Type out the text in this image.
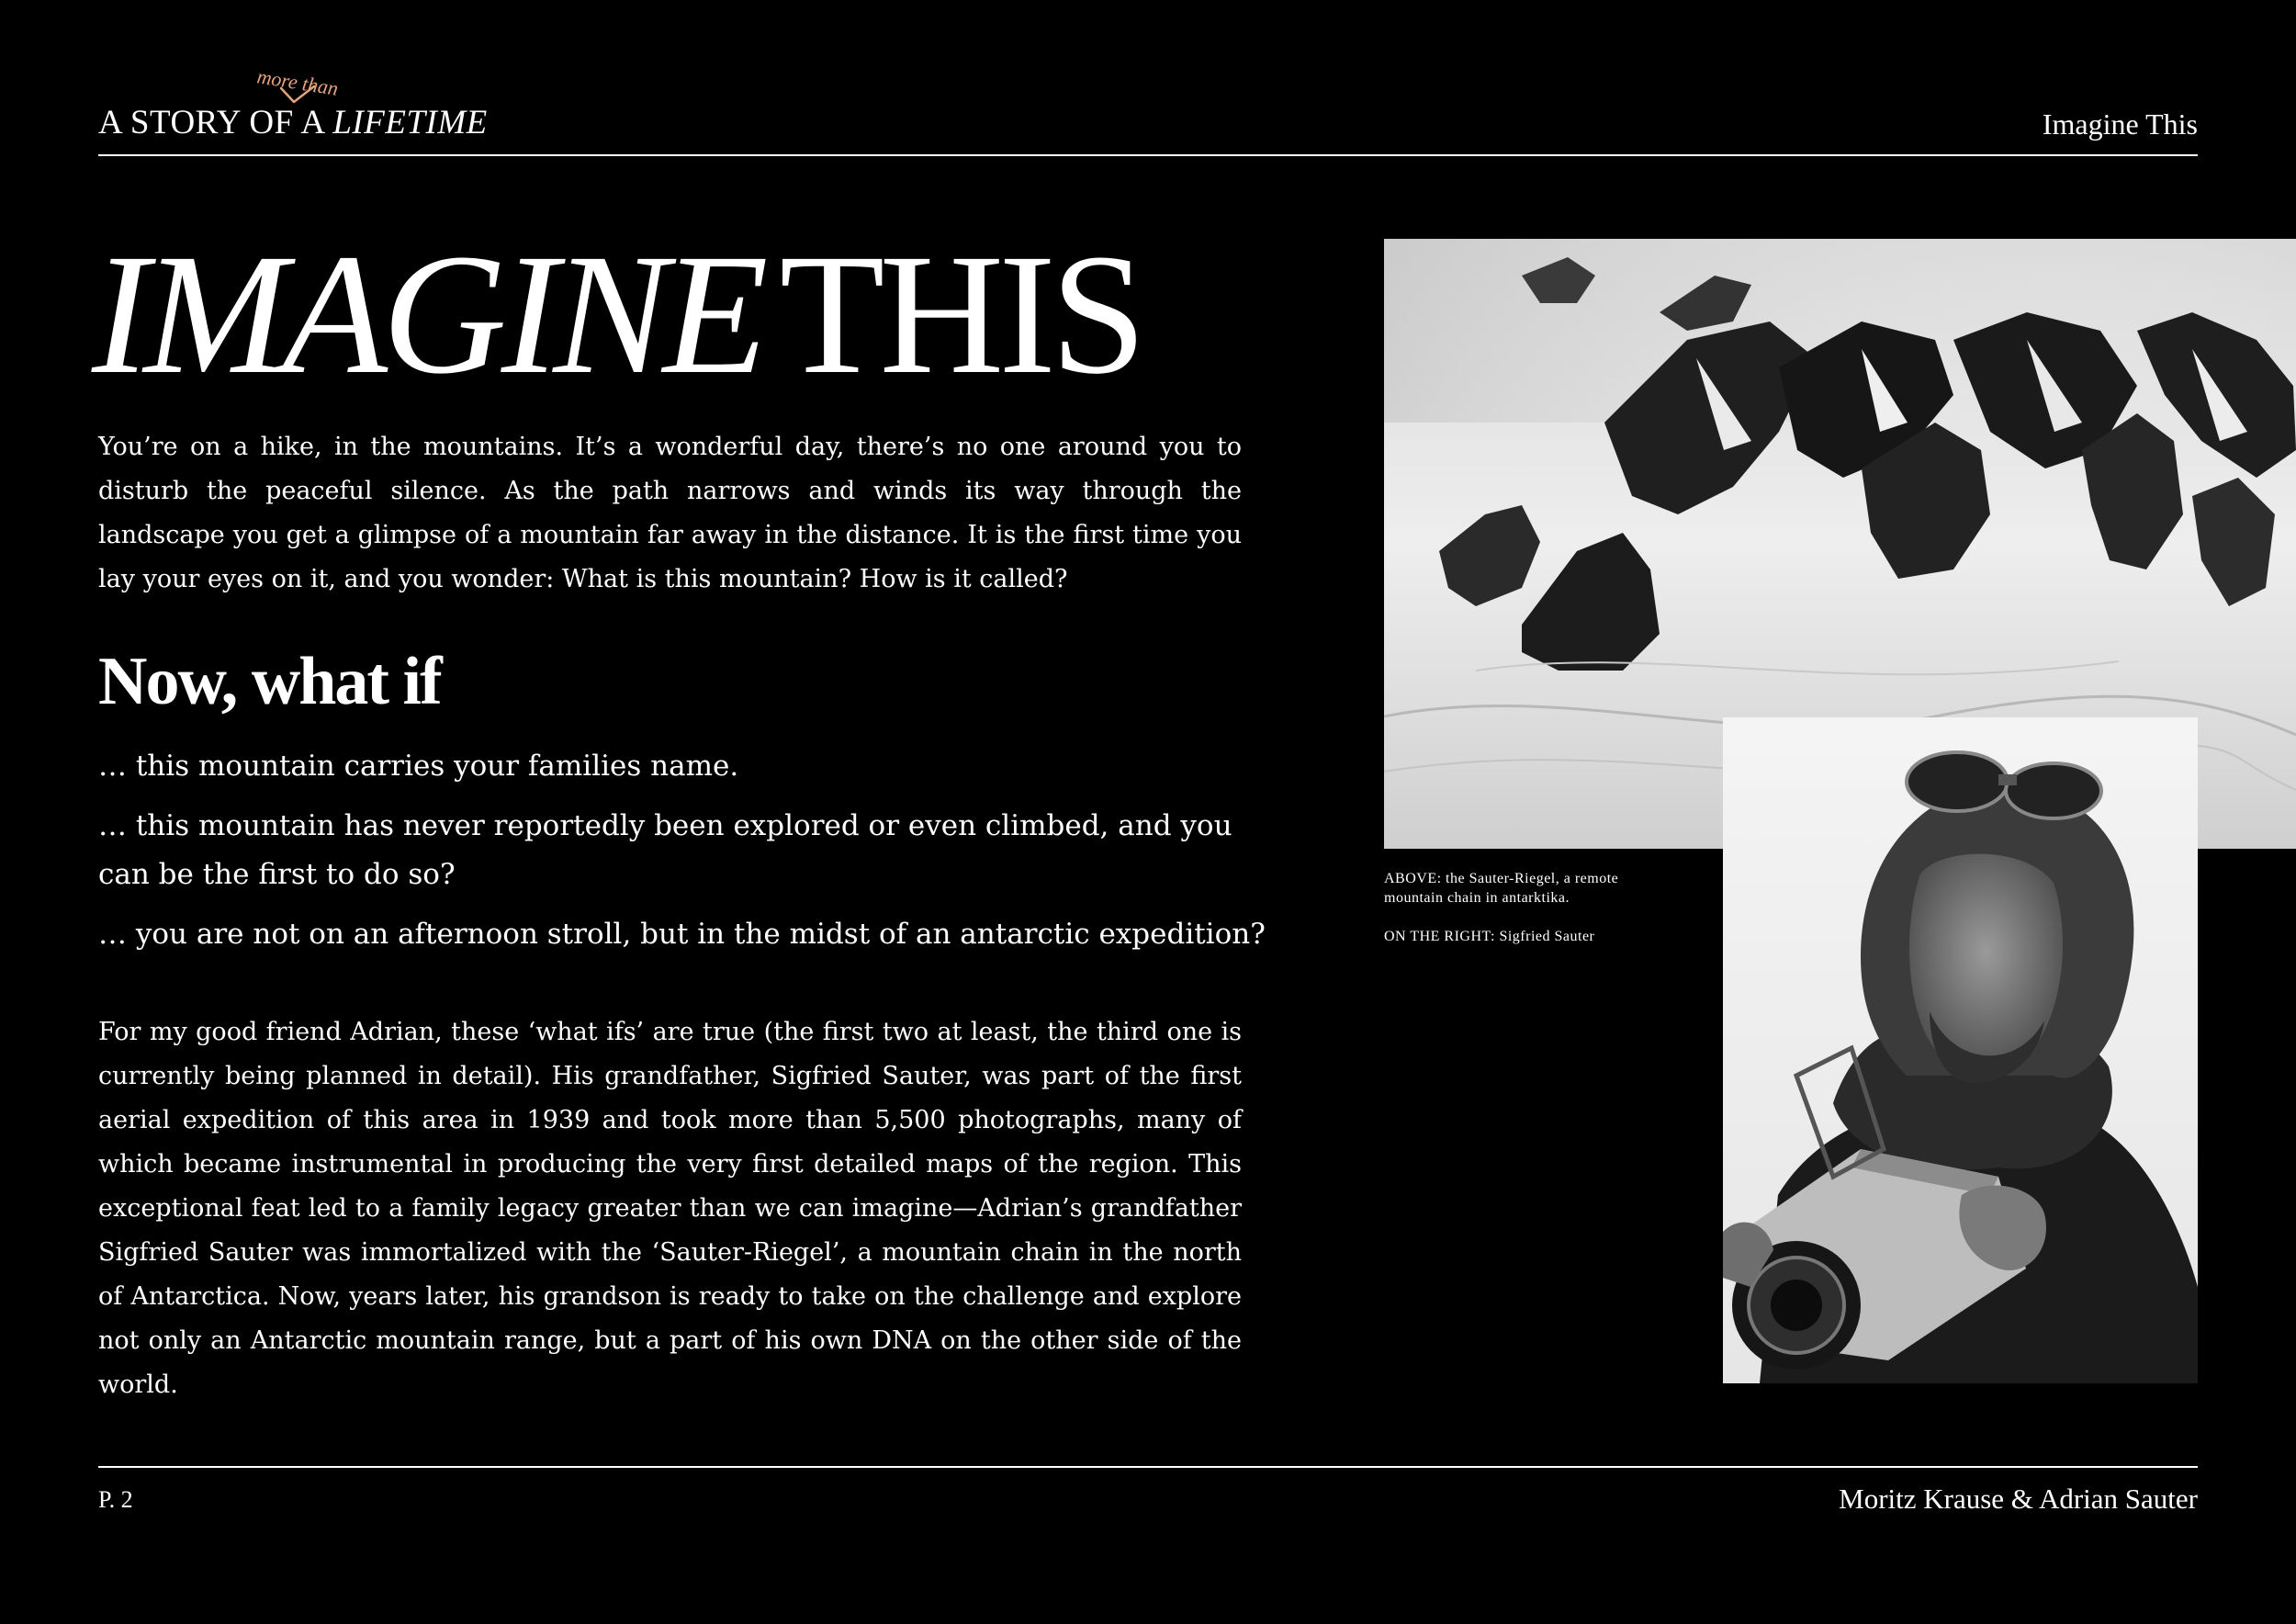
A STORY OF A LIFETIME
more than
Imagine This
IMAGINETHIS

You’re on a hike, in the mountains. It’s a wonderful day, there’s no one around you to disturb the peaceful silence. As the path narrows and winds its way through the landscape you get a glimpse of a mountain far away in the distance. It is the first time you lay your eyes on it, and you wonder: What is this mountain? How is it called?

Now, what if

… this mountain carries your families name.

… this mountain has never reportedly been explored or even climbed, and you can be the first to do so?

… you are not on an afternoon stroll, but in the midst of an antarctic expedition?

For my good friend Adrian, these ‘what ifs’ are true (the first two at least, the third one is currently being planned in detail). His grandfather, Sigfried Sauter, was part of the first aerial expedition of this area in 1939 and took more than 5,500 photographs, many of which became instrumental in producing the very first detailed maps of the region. This exceptional feat led to a family legacy greater than we can imagine—Adrian’s grandfather Sigfried Sauter was immortalized with the ‘Sauter-Riegel’, a mountain chain in the north of Antarctica. Now, years later, his grandson is ready to take on the challenge and explore not only an Antarctic mountain range, but a part of his own DNA on the other side of the world.

ABOVE: the Sauter-Riegel, a remote
mountain chain in antarktika.
ON THE RIGHT: Sigfried Sauter
P. 2	Moritz Krause & Adrian Sauter
